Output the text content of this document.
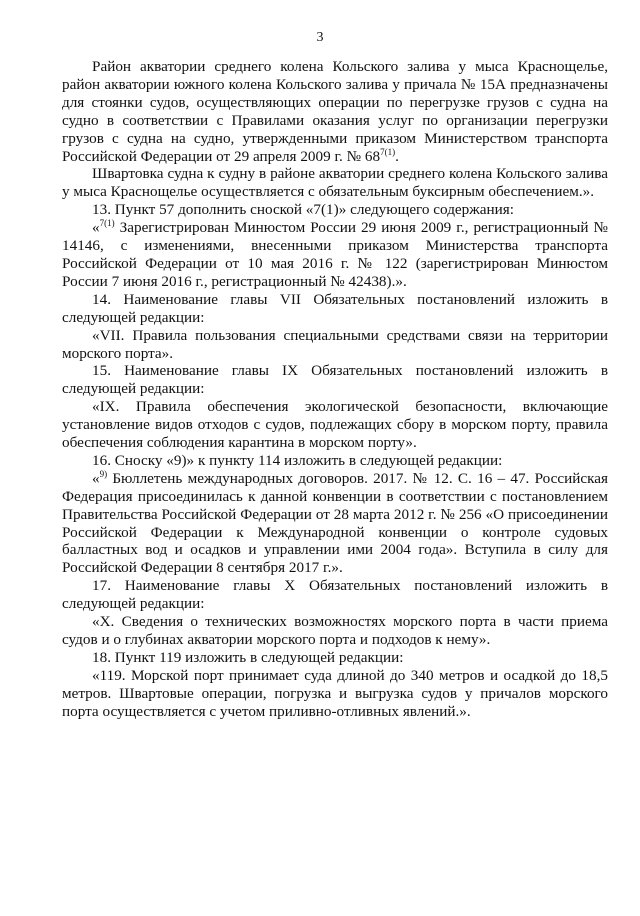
3

Район акватории среднего колена Кольского залива у мыса Краснощелье, район акватории южного колена Кольского залива у причала № 15А предназначены для стоянки судов, осуществляющих операции по перегрузке грузов с судна на судно в соответствии с Правилами оказания услуг по организации перегрузки грузов с судна на судно, утвержденными приказом Министерством транспорта Российской Федерации от 29 апреля 2009 г. № $68^{7(1)}$.

Швартовка судна к судну в районе акватории среднего колена Кольского залива у мыса Краснощелье осуществляется с обязательным буксирным обеспечением.».

13. Пункт 57 дополнить сноской «7(1)» следующего содержания:

«$^{7(1)}$ Зарегистрирован Минюстом России 29 июня 2009 г., регистрационный № 14146, с изменениями, внесенными приказом Министерства транспорта Российской Федерации от 10 мая 2016 г. № 122 (зарегистрирован Минюстом России 7 июня 2016 г., регистрационный № 42438).».

14. Наименование главы VII Обязательных постановлений изложить в следующей редакции:

«VII. Правила пользования специальными средствами связи на территории морского порта».

15. Наименование главы IX Обязательных постановлений изложить в следующей редакции:

«IX. Правила обеспечения экологической безопасности, включающие установление видов отходов с судов, подлежащих сбору в морском порту, правила обеспечения соблюдения карантина в морском порту».

16. Сноску «9)» к пункту 114 изложить в следующей редакции:

«$^{9)}$ Бюллетень международных договоров. 2017. № 12. С. 16 – 47. Российская Федерация присоединилась к данной конвенции в соответствии с постановлением Правительства Российской Федерации от 28 марта 2012 г. № 256 «О присоединении Российской Федерации к Международной конвенции о контроле судовых балластных вод и осадков и управлении ими 2004 года». Вступила в силу для Российской Федерации 8 сентября 2017 г.».

17. Наименование главы X Обязательных постановлений изложить в следующей редакции:

«X. Сведения о технических возможностях морского порта в части приема судов и о глубинах акватории морского порта и подходов к нему».

18. Пункт 119 изложить в следующей редакции:

«119. Морской порт принимает суда длиной до 340 метров и осадкой до 18,5 метров. Швартовые операции, погрузка и выгрузка судов у причалов морского порта осуществляется с учетом приливно-отливных явлений.».
